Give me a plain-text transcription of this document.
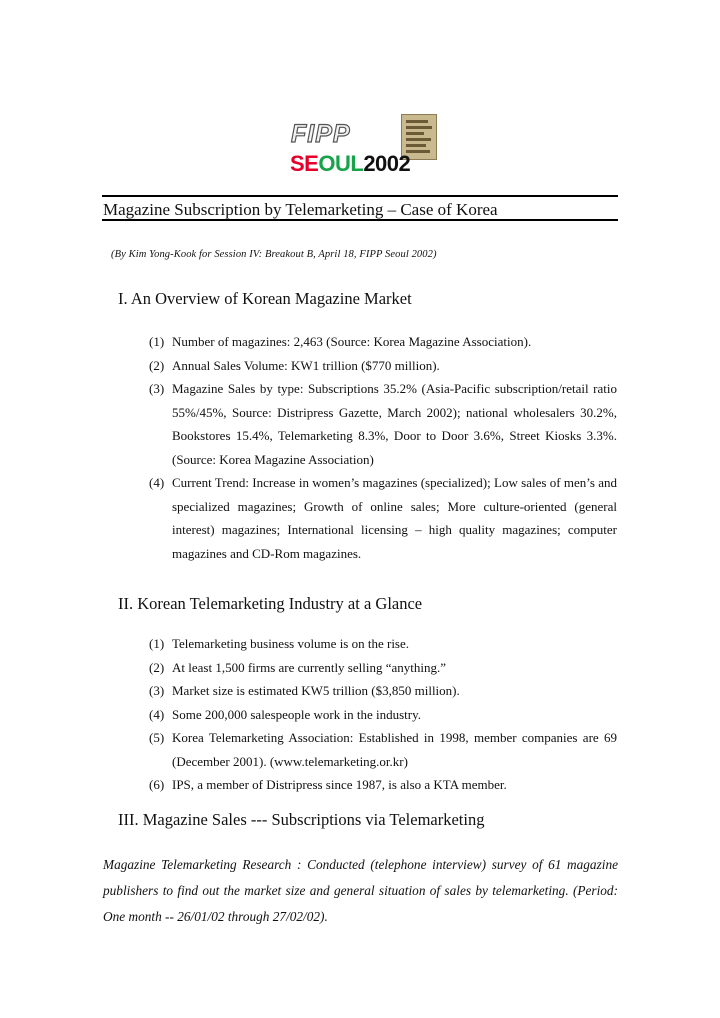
FIPP
SEOUL2002
Magazine Subscription by Telemarketing – Case of Korea
(By Kim Yong-Kook for Session IV: Breakout B, April 18, FIPP Seoul 2002)
I. An Overview of Korean Magazine Market
(1) Number of magazines: 2,463 (Source: Korea Magazine Association).
(2) Annual Sales Volume: KW1 trillion ($770 million).
(3) Magazine Sales by type: Subscriptions 35.2% (Asia-Pacific subscription/retail ratio 55%/45%, Source: Distripress Gazette, March 2002); national wholesalers 30.2%, Bookstores 15.4%, Telemarketing 8.3%, Door to Door 3.6%, Street Kiosks 3.3%. (Source: Korea Magazine Association)
(4) Current Trend: Increase in women’s magazines (specialized); Low sales of men’s and specialized magazines; Growth of online sales; More culture-oriented (general interest) magazines; International licensing – high quality magazines; computer magazines and CD-Rom magazines.
II. Korean Telemarketing Industry at a Glance
(1) Telemarketing business volume is on the rise.
(2) At least 1,500 firms are currently selling “anything.”
(3) Market size is estimated KW5 trillion ($3,850 million).
(4) Some 200,000 salespeople work in the industry.
(5) Korea Telemarketing Association: Established in 1998, member companies are 69 (December 2001). (www.telemarketing.or.kr)
(6) IPS, a member of Distripress since 1987, is also a KTA member.
III. Magazine Sales --- Subscriptions via Telemarketing
Magazine Telemarketing Research : Conducted (telephone interview) survey of 61 magazine publishers to find out the market size and general situation of sales by telemarketing. (Period: One month -- 26/01/02 through 27/02/02).
